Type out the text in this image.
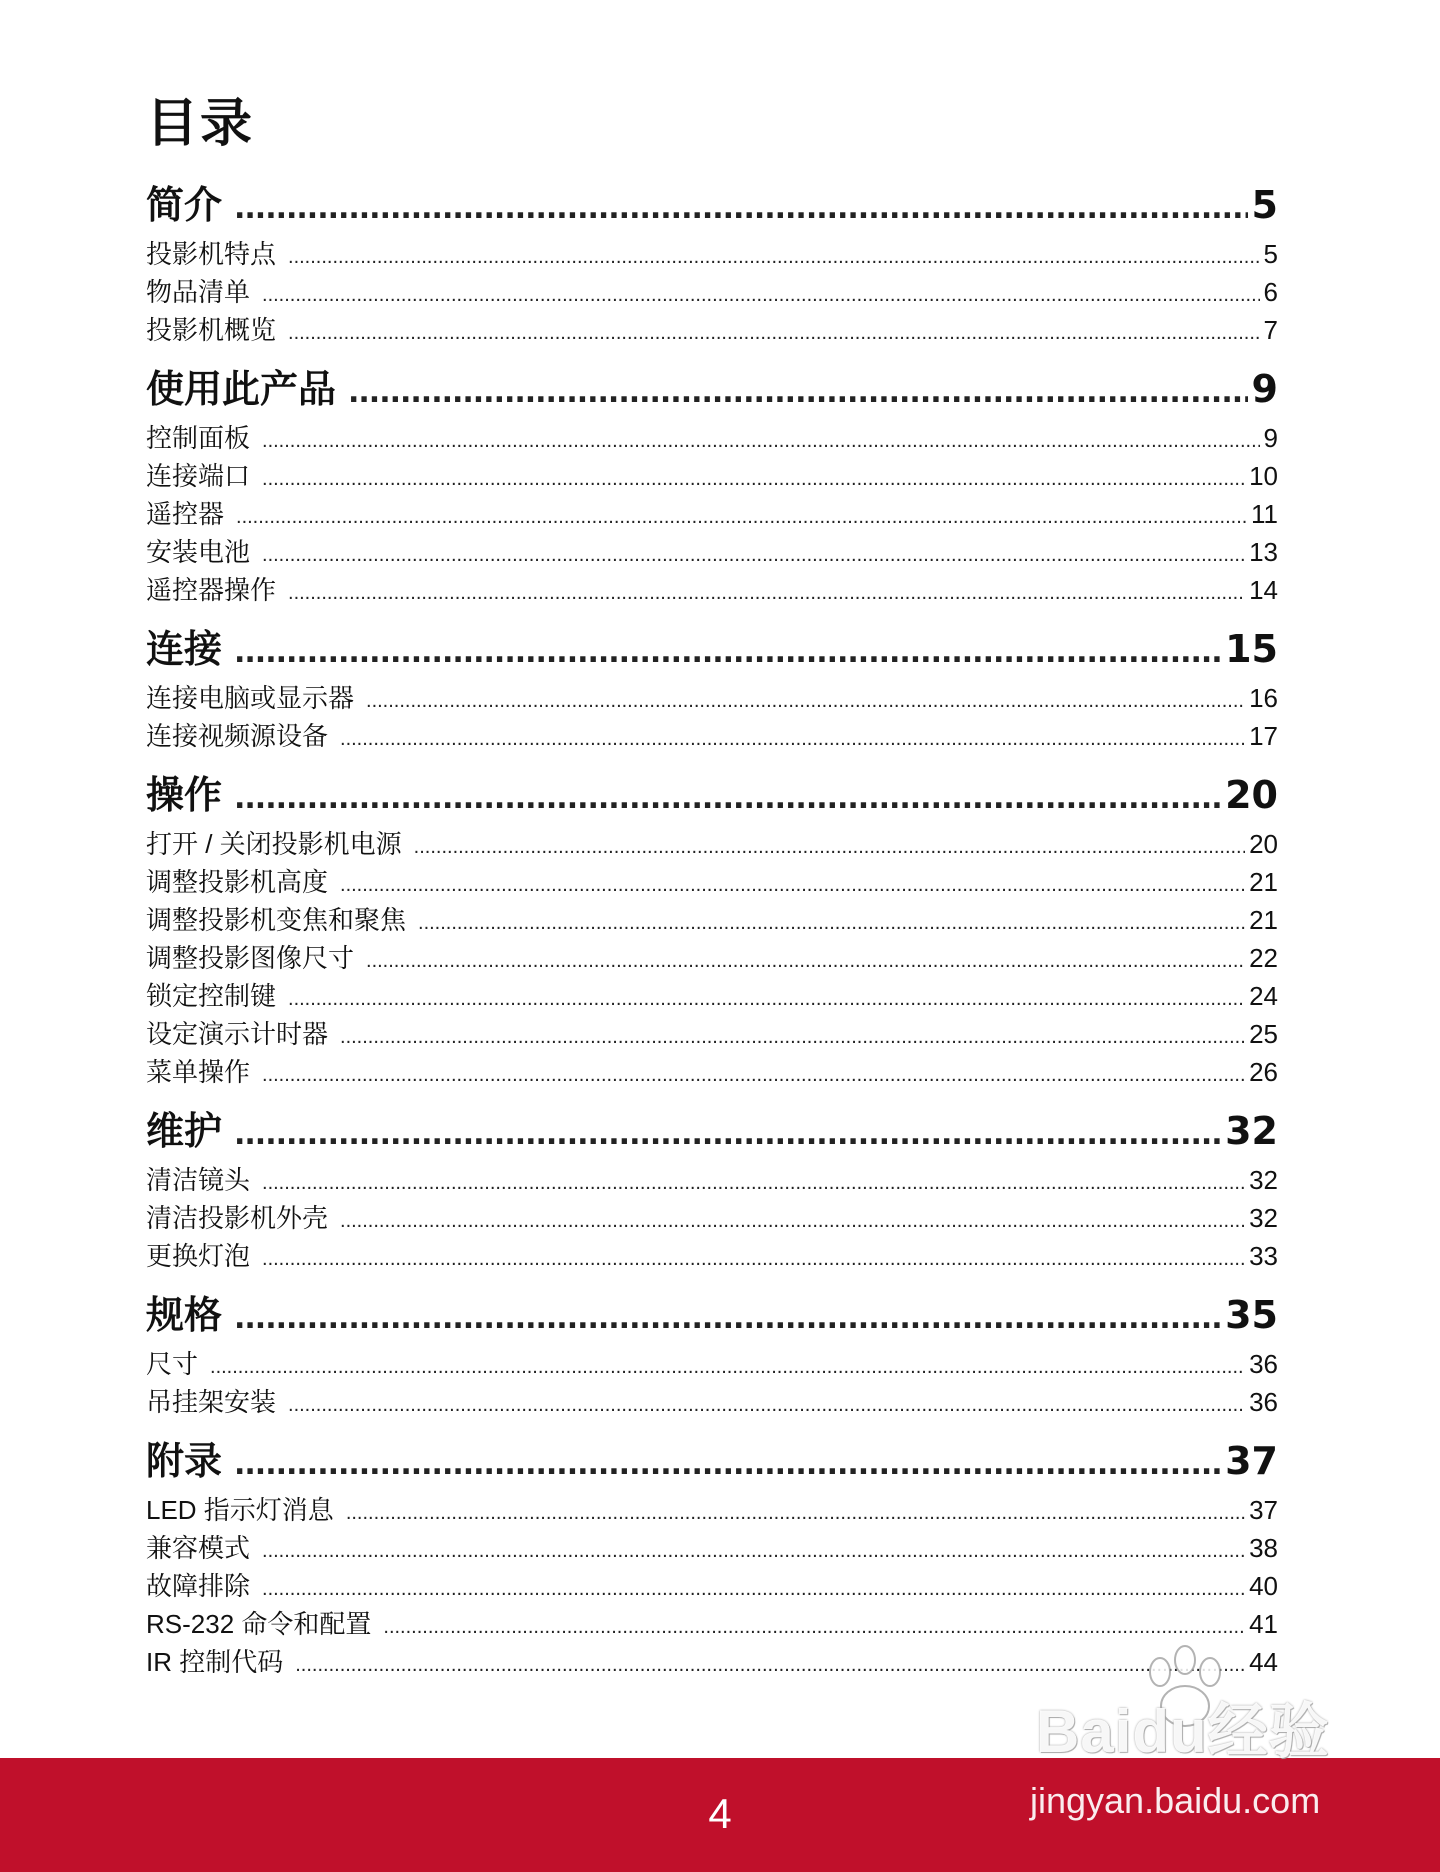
目录
简介 .....	5
投影机特点 .....	5
物品清单 .....	6
投影机概览 .....	7
使用此产品 .....	9
控制面板 .....	9
连接端口 .....	10
遥控器 .....	11
安装电池 .....	13
遥控器操作 .....	14
连接 .....	15
连接电脑或显示器 .....	16
连接视频源设备 .....	17
操作 .....	20
打开 / 关闭投影机电源 .....	20
调整投影机高度 .....	21
调整投影机变焦和聚焦 .....	21
调整投影图像尺寸 .....	22
锁定控制键 .....	24
设定演示计时器 .....	25
菜单操作 .....	26
维护 .....	32
清洁镜头 .....	32
清洁投影机外壳 .....	32
更换灯泡 .....	33
规格 .....	35
尺寸 .....	36
吊挂架安装 .....	36
附录 .....	37
LED 指示灯消息 .....	37
兼容模式 .....	38
故障排除 .....	40
RS-232 命令和配置 .....	41
IR 控制代码 .....	44
4
Baidu经验
jingyan.baidu.com
